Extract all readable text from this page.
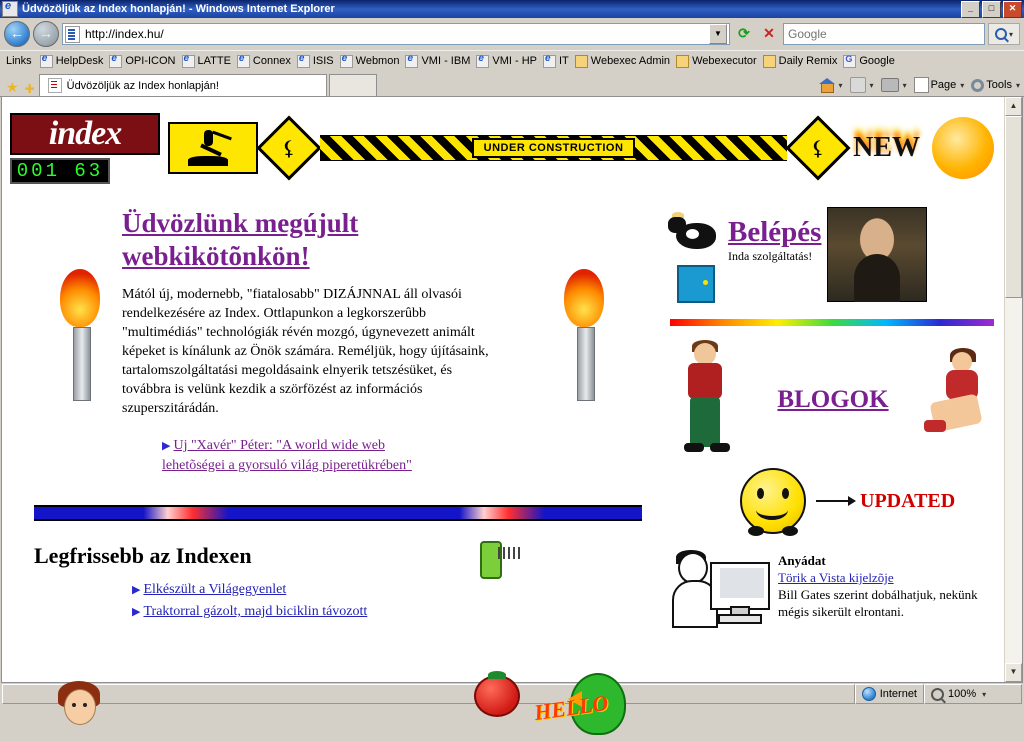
e
Üdvözöljük az Index honlapján! - Windows Internet Explorer	_	□	✕
←	→
http://index.hu/	▼	⟳ ✕
Google	▾
Links e HelpDesk e OPI-ICON e LATTE e Connex e ISIS e Webmon e VMI - IBM e VMI - HP e IT Webexec Admin Webexecutor Daily Remix G Google
★ ✚	Üdvözöljük az Index honlapján!	▾	▾	▾ Page ▾ Tools ▾
index
001 63
⚸	UNDER CONSTRUCTION	⚸ NEW
Üdvözlünk megújult webkikötõnkön!
Mától új, modernebb, "fiatalosabb" DIZÁJNNAL áll olvasói rendelkezésére az Index. Ottlapunkon a legkorszerûbb "multimédiás" technológiák révén mozgó, úgynevezett animált képeket is kínálunk az Önök számára. Reméljük, hogy újításaink, tartalomszolgáltatási megoldásaink elnyerik tetszésüket, és továbbra is velünk kezdik a szörfözést az információs szuperszitárádán.
▶ Uj "Xavér" Péter: "A world wide web lehetõségei a gyorsuló világ piperetükrében"
Legfrissebb az Indexen
HELLO
▶ Elkészült a Világegyenlet
▶ Traktorral gázolt, majd biciklin távozott
Belépés
Inda szolgáltatás!
BLOGOK
UPDATED
Anyádat
Törik a Vista kijelzõje
Bill Gates szerint dobálhatjuk, nekünk mégis sikerült elrontani.
▲
▼
Internet	100% ▾
